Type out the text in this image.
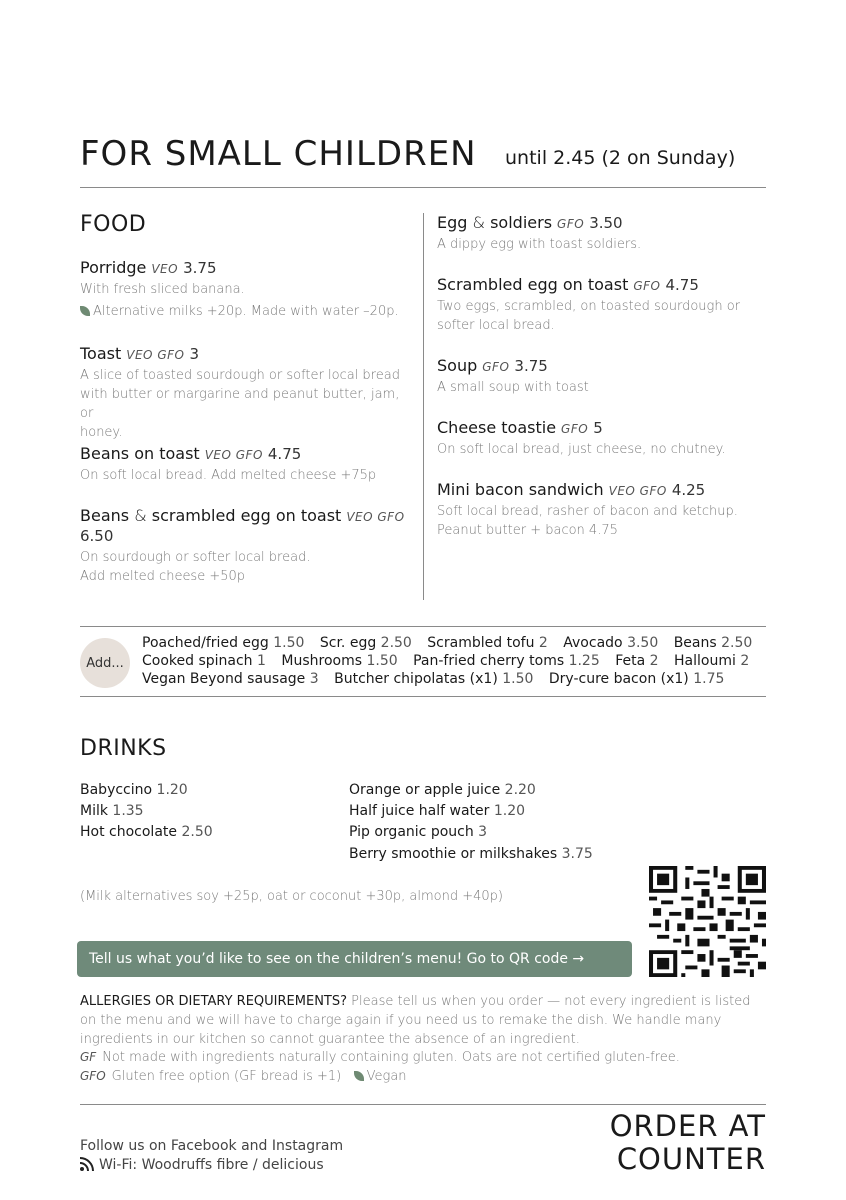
FOR SMALL CHILDREN until 2.45 (2 on Sunday)
FOOD
Porridge VEO 3.75
With fresh sliced banana.
Alternative milks +20p. Made with water –20p.
Toast VEO GFO 3
A slice of toasted sourdough or softer local bread
with butter or margarine and peanut butter, jam, or
honey.
Beans on toast VEO GFO 4.75
On soft local bread. Add melted cheese +75p
Beans & scrambled egg on toast VEO GFO
6.50
On sourdough or softer local bread.
Add melted cheese +50p
Egg & soldiers GFO 3.50
A dippy egg with toast soldiers.
Scrambled egg on toast GFO 4.75
Two eggs, scrambled, on toasted sourdough or
softer local bread.
Soup GFO 3.75
A small soup with toast
Cheese toastie GFO 5
On soft local bread, just cheese, no chutney.
Mini bacon sandwich VEO GFO 4.25
Soft local bread, rasher of bacon and ketchup.
Peanut butter + bacon 4.75
Add...
Poached/fried egg 1.50 Scr. egg 2.50 Scrambled tofu 2 Avocado 3.50 Beans 2.50
Cooked spinach 1 Mushrooms 1.50 Pan-fried cherry toms 1.25 Feta 2 Halloumi 2
Vegan Beyond sausage 3 Butcher chipolatas (x1) 1.50 Dry-cure bacon (x1) 1.75
DRINKS
Babyccino 1.20
Milk 1.35
Hot chocolate 2.50
Orange or apple juice 2.20
Half juice half water 1.20
Pip organic pouch 3
Berry smoothie or milkshakes 3.75
(Milk alternatives soy +25p, oat or coconut +30p, almond +40p)
Tell us what you’d like to see on the children’s menu! Go to QR code →
ALLERGIES OR DIETARY REQUIREMENTS? Please tell us when you order — not every ingredient is listed on the menu and we will have to charge again if you need us to remake the dish. We handle many ingredients in our kitchen so cannot guarantee the absence of an ingredient.
GF Not made with ingredients naturally containing gluten. Oats are not certified gluten-free.
GFO Gluten free option (GF bread is +1) Vegan
Follow us on Facebook and Instagram
Wi-Fi: Woodruffs fibre / delicious
ORDER AT
COUNTER
